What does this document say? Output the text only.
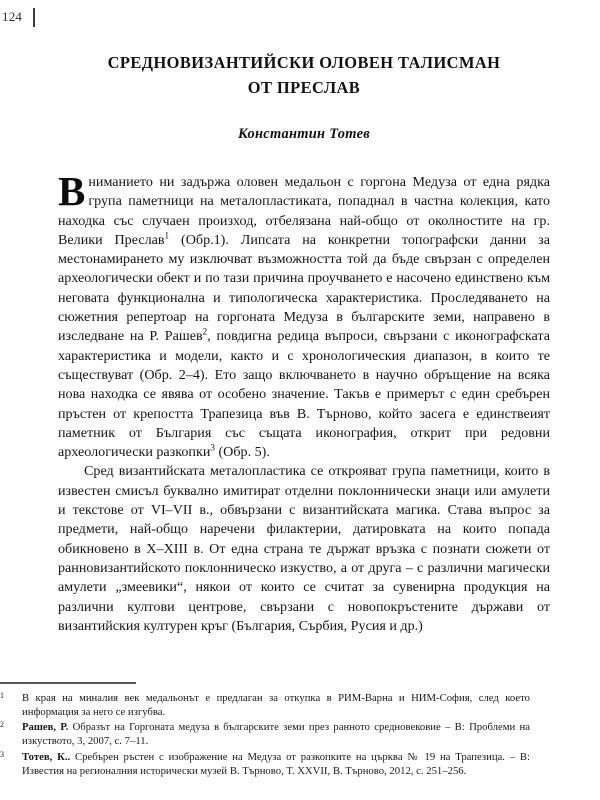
124
СРЕДНОВИЗАНТИЙСКИ ОЛОВЕН ТАЛИСМАН
ОТ ПРЕСЛАВ
Константин Тотев

Вниманието ни задържа оловен медальон с горгона Медуза от една рядка група паметници на металопластиката, попаднал в частна колекция, като находка със случаен произход, отбелязана най-общо от околностите на гр. Велики Преслав$^1$ (Обр.1). Липсата на конкретни топографски данни за местонамирането му изключват възможността той да бъде свързан с определен археологически обект и по тази причина проучването е насочено единствено към неговата функционална и типологическа характеристика. Проследяването на сюжетния репертоар на горгоната Медуза в българските земи, направено в изследване на Р. Рашев$^2$, повдигна редица въпроси, свързани с иконографската характеристика и модели, както и с хронологическия диапазон, в които те съществуват (Обр. 2–4). Ето защо включването в научно обръщение на всяка нова находка се явява от особено значение. Такъв е примерът с един сребърен пръстен от крепостта Трапезица във В. Търново, който засега е единствеият паметник от България със същата иконография, открит при редовни археологически разкопки$^3$ (Обр. 5).

Сред византийската металопластика се открояват група паметници, които в известен смисъл буквално имитират отделни поклоннически знаци или амулети и текстове от VI–VII в., обвързани с византийската магика. Става въпрос за предмети, най-общо наречени филактерии, датировката на които попада обикновено в X–XIII в. От една страна те държат връзка с познати сюжети от ранновизантийското поклонническо изкуство, а от друга – с различни магически амулети „змеевики“, някои от които се считат за сувенирна продукция на различни култови центрове, свързани с новопокръстените държави от византийския културен кръг (България, Сърбия, Русия и др.)

1	В края на миналия век медальонът е предлаган за откупка в РИМ-Варна и НИМ-София, след което информация за него се изгубва.
2	Рашев, Р. Образът на Горгоната медуза в българските земи през ранното средновековие – В: Проблеми на изкуството, 3, 2007, с. 7–11.
3	Тотев, К.. Сребърен ръстен с изображение на Медуза от разкопките на църква № 19 на Трапезица. – В: Известия на регионалния исторически музей В. Търново, Т. XXVII, В. Търново, 2012, с. 251–256.
